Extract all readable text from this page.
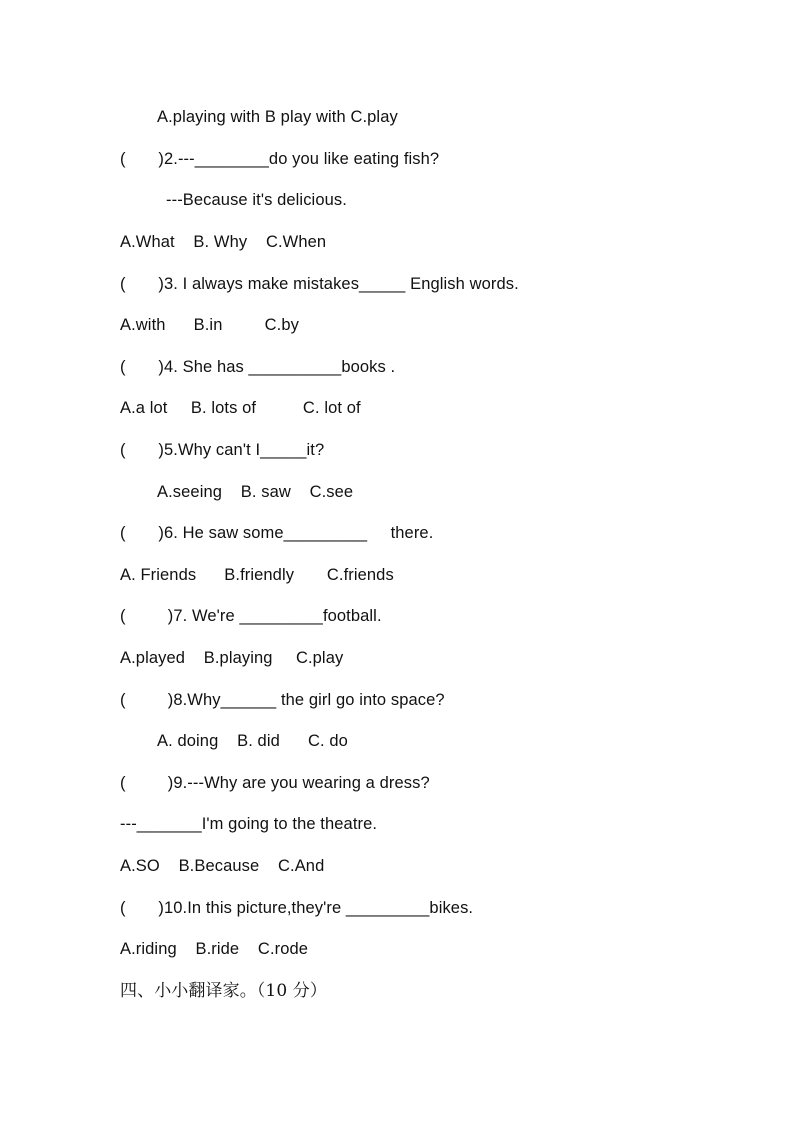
A.playing with B play with C.play
(       )2.---________do you like eating fish?
---Because it's delicious.
A.What    B. Why    C.When
(       )3. I always make mistakes_____ English words.
A.with      B.in         C.by
(       )4. She has __________books .
A.a lot     B. lots of          C. lot of
(       )5.Why can't I_____it?
A.seeing    B. saw    C.see
(       )6. He saw some_________     there.
A. Friends      B.friendly       C.friends
(         )7. We're _________football.
A.played    B.playing     C.play
(         )8.Why______ the girl go into space?
A. doing    B. did      C. do
(         )9.---Why are you wearing a dress?
---_______I'm going to the theatre.
A.SO    B.Because    C.And
(       )10.In this picture,they're _________bikes.
A.riding    B.ride    C.rode
四、小小翻译家。（10 分）
